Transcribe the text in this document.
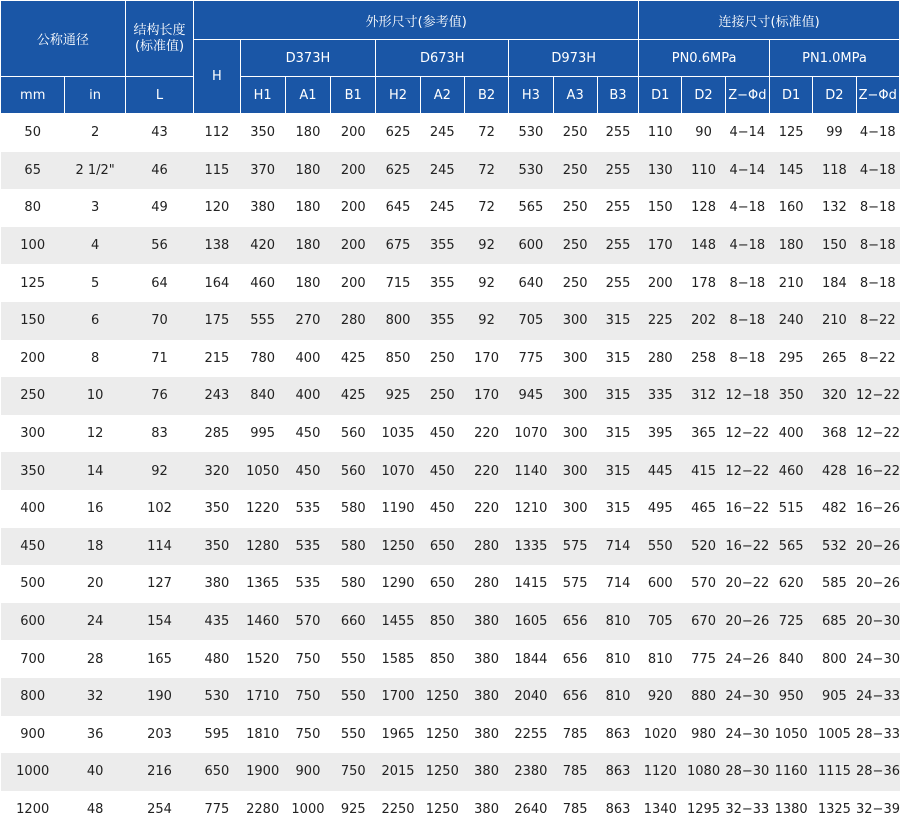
公称通径		结构长度
(标准值)	外形尺寸(参考值)										连接尺寸(标准值)					
			H	D373H			D673H			D973H			PN0.6MPa			PN1.0MPa		
mm	in	L		H1	A1	B1	H2	A2	B2	H3	A3	B3	D1	D2	Z−Φd	D1	D2	Z−Φd
50	2	43	112	350	180	200	625	245	72	530	250	255	110	90	4−14	125	99	4−18
65	2 1/2"	46	115	370	180	200	625	245	72	530	250	255	130	110	4−14	145	118	4−18
80	3	49	120	380	180	200	645	245	72	565	250	255	150	128	4−18	160	132	8−18
100	4	56	138	420	180	200	675	355	92	600	250	255	170	148	4−18	180	150	8−18
125	5	64	164	460	180	200	715	355	92	640	250	255	200	178	8−18	210	184	8−18
150	6	70	175	555	270	280	800	355	92	705	300	315	225	202	8−18	240	210	8−22
200	8	71	215	780	400	425	850	250	170	775	300	315	280	258	8−18	295	265	8−22
250	10	76	243	840	400	425	925	250	170	945	300	315	335	312	12−18	350	320	12−22
300	12	83	285	995	450	560	1035	450	220	1070	300	315	395	365	12−22	400	368	12−22
350	14	92	320	1050	450	560	1070	450	220	1140	300	315	445	415	12−22	460	428	16−22
400	16	102	350	1220	535	580	1190	450	220	1210	300	315	495	465	16−22	515	482	16−26
450	18	114	350	1280	535	580	1250	650	280	1335	575	714	550	520	16−22	565	532	20−26
500	20	127	380	1365	535	580	1290	650	280	1415	575	714	600	570	20−22	620	585	20−26
600	24	154	435	1460	570	660	1455	850	380	1605	656	810	705	670	20−26	725	685	20−30
700	28	165	480	1520	750	550	1585	850	380	1844	656	810	810	775	24−26	840	800	24−30
800	32	190	530	1710	750	550	1700	1250	380	2040	656	810	920	880	24−30	950	905	24−33
900	36	203	595	1810	750	550	1965	1250	380	2255	785	863	1020	980	24−30	1050	1005	28−33
1000	40	216	650	1900	900	750	2015	1250	380	2380	785	863	1120	1080	28−30	1160	1115	28−36
1200	48	254	775	2280	1000	925	2250	1250	380	2640	785	863	1340	1295	32−33	1380	1325	32−39
